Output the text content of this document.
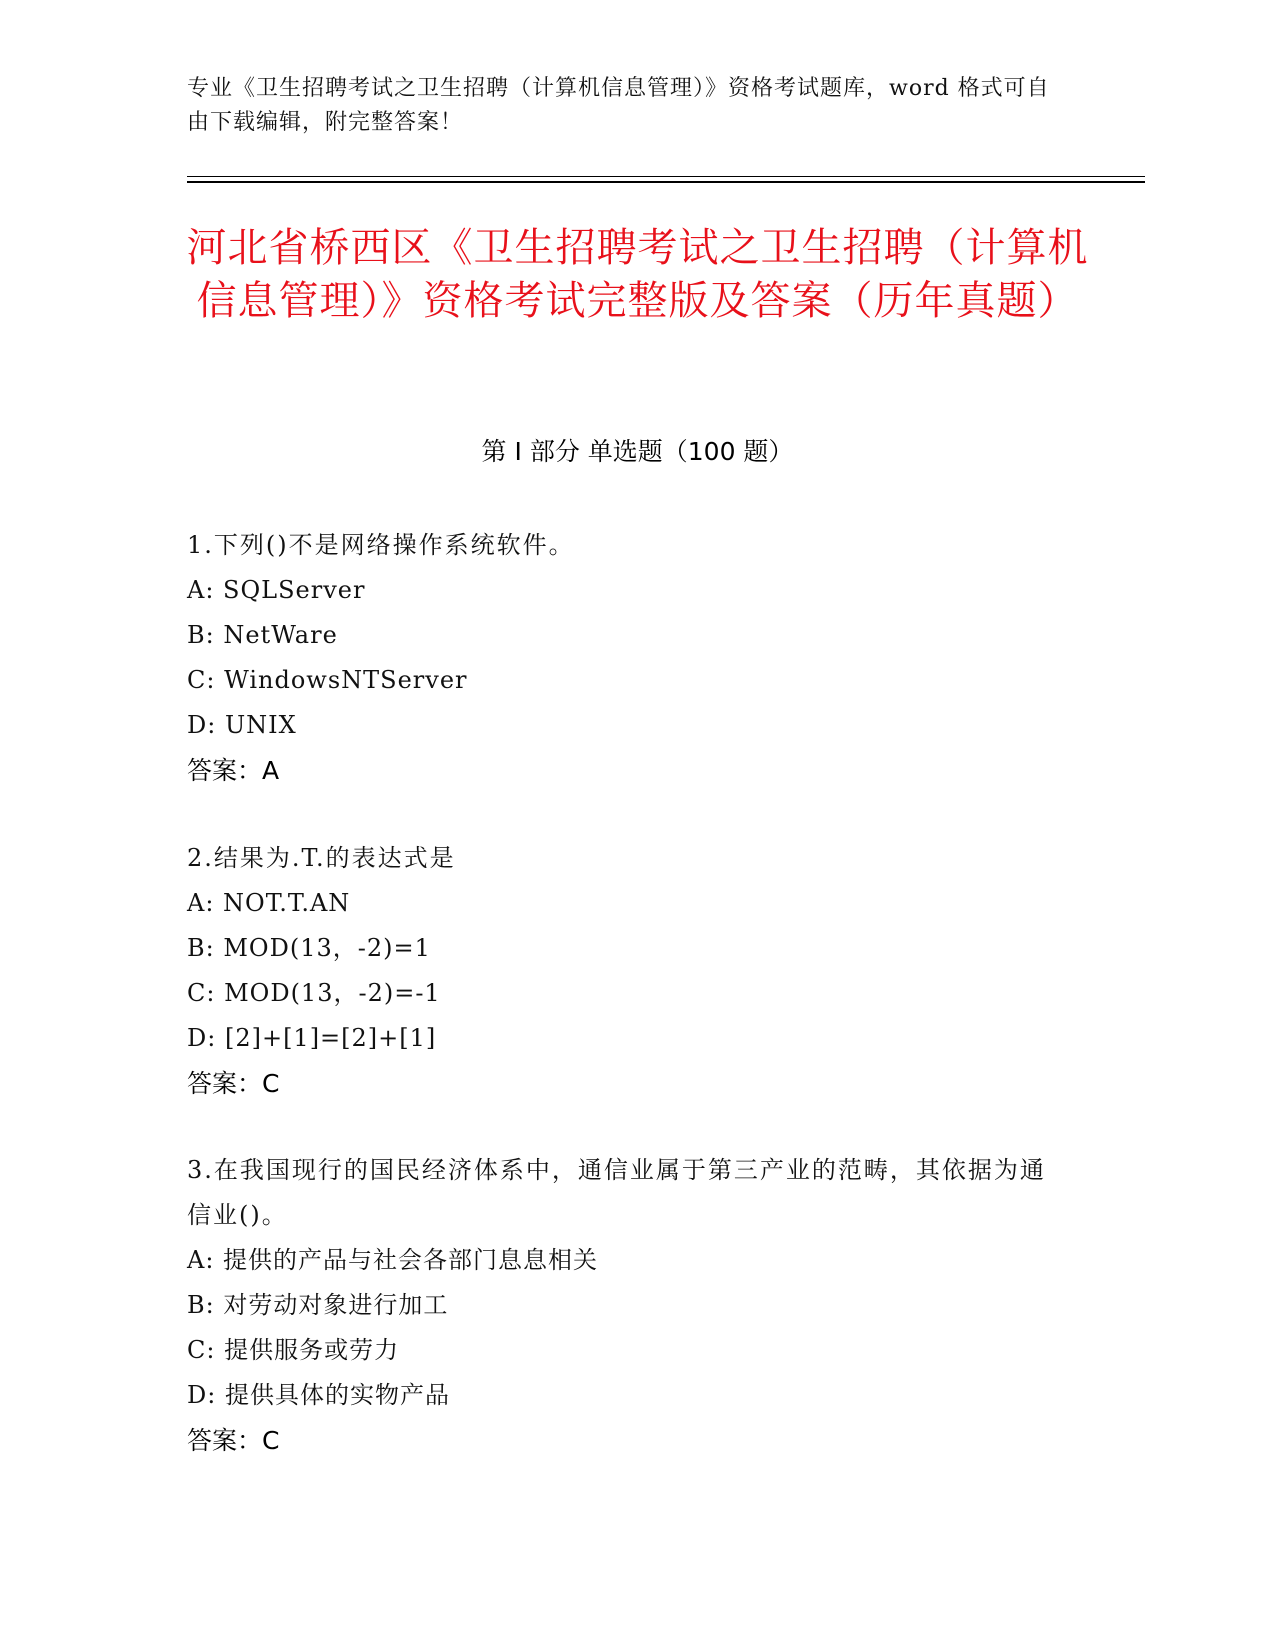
专业《卫生招聘考试之卫生招聘（计算机信息管理）》资格考试题库，word 格式可自由下载编辑，附完整答案！
河北省桥西区《卫生招聘考试之卫生招聘（计算机信息管理）》资格考试完整版及答案（历年真题）
第 I 部分 单选题（100 题）
1.下列()不是网络操作系统软件。
A: SQLServer
B: NetWare
C: WindowsNTServer
D: UNIX
答案：A
2.结果为.T.的表达式是
A: NOT.T.AN
B: MOD(13，-2)=1
C: MOD(13，-2)=-1
D: [2]+[1]=[2]+[1]
答案：C
3.在我国现行的国民经济体系中，通信业属于第三产业的范畴，其依据为通信业()。
A: 提供的产品与社会各部门息息相关
B: 对劳动对象进行加工
C: 提供服务或劳力
D: 提供具体的实物产品
答案：C
